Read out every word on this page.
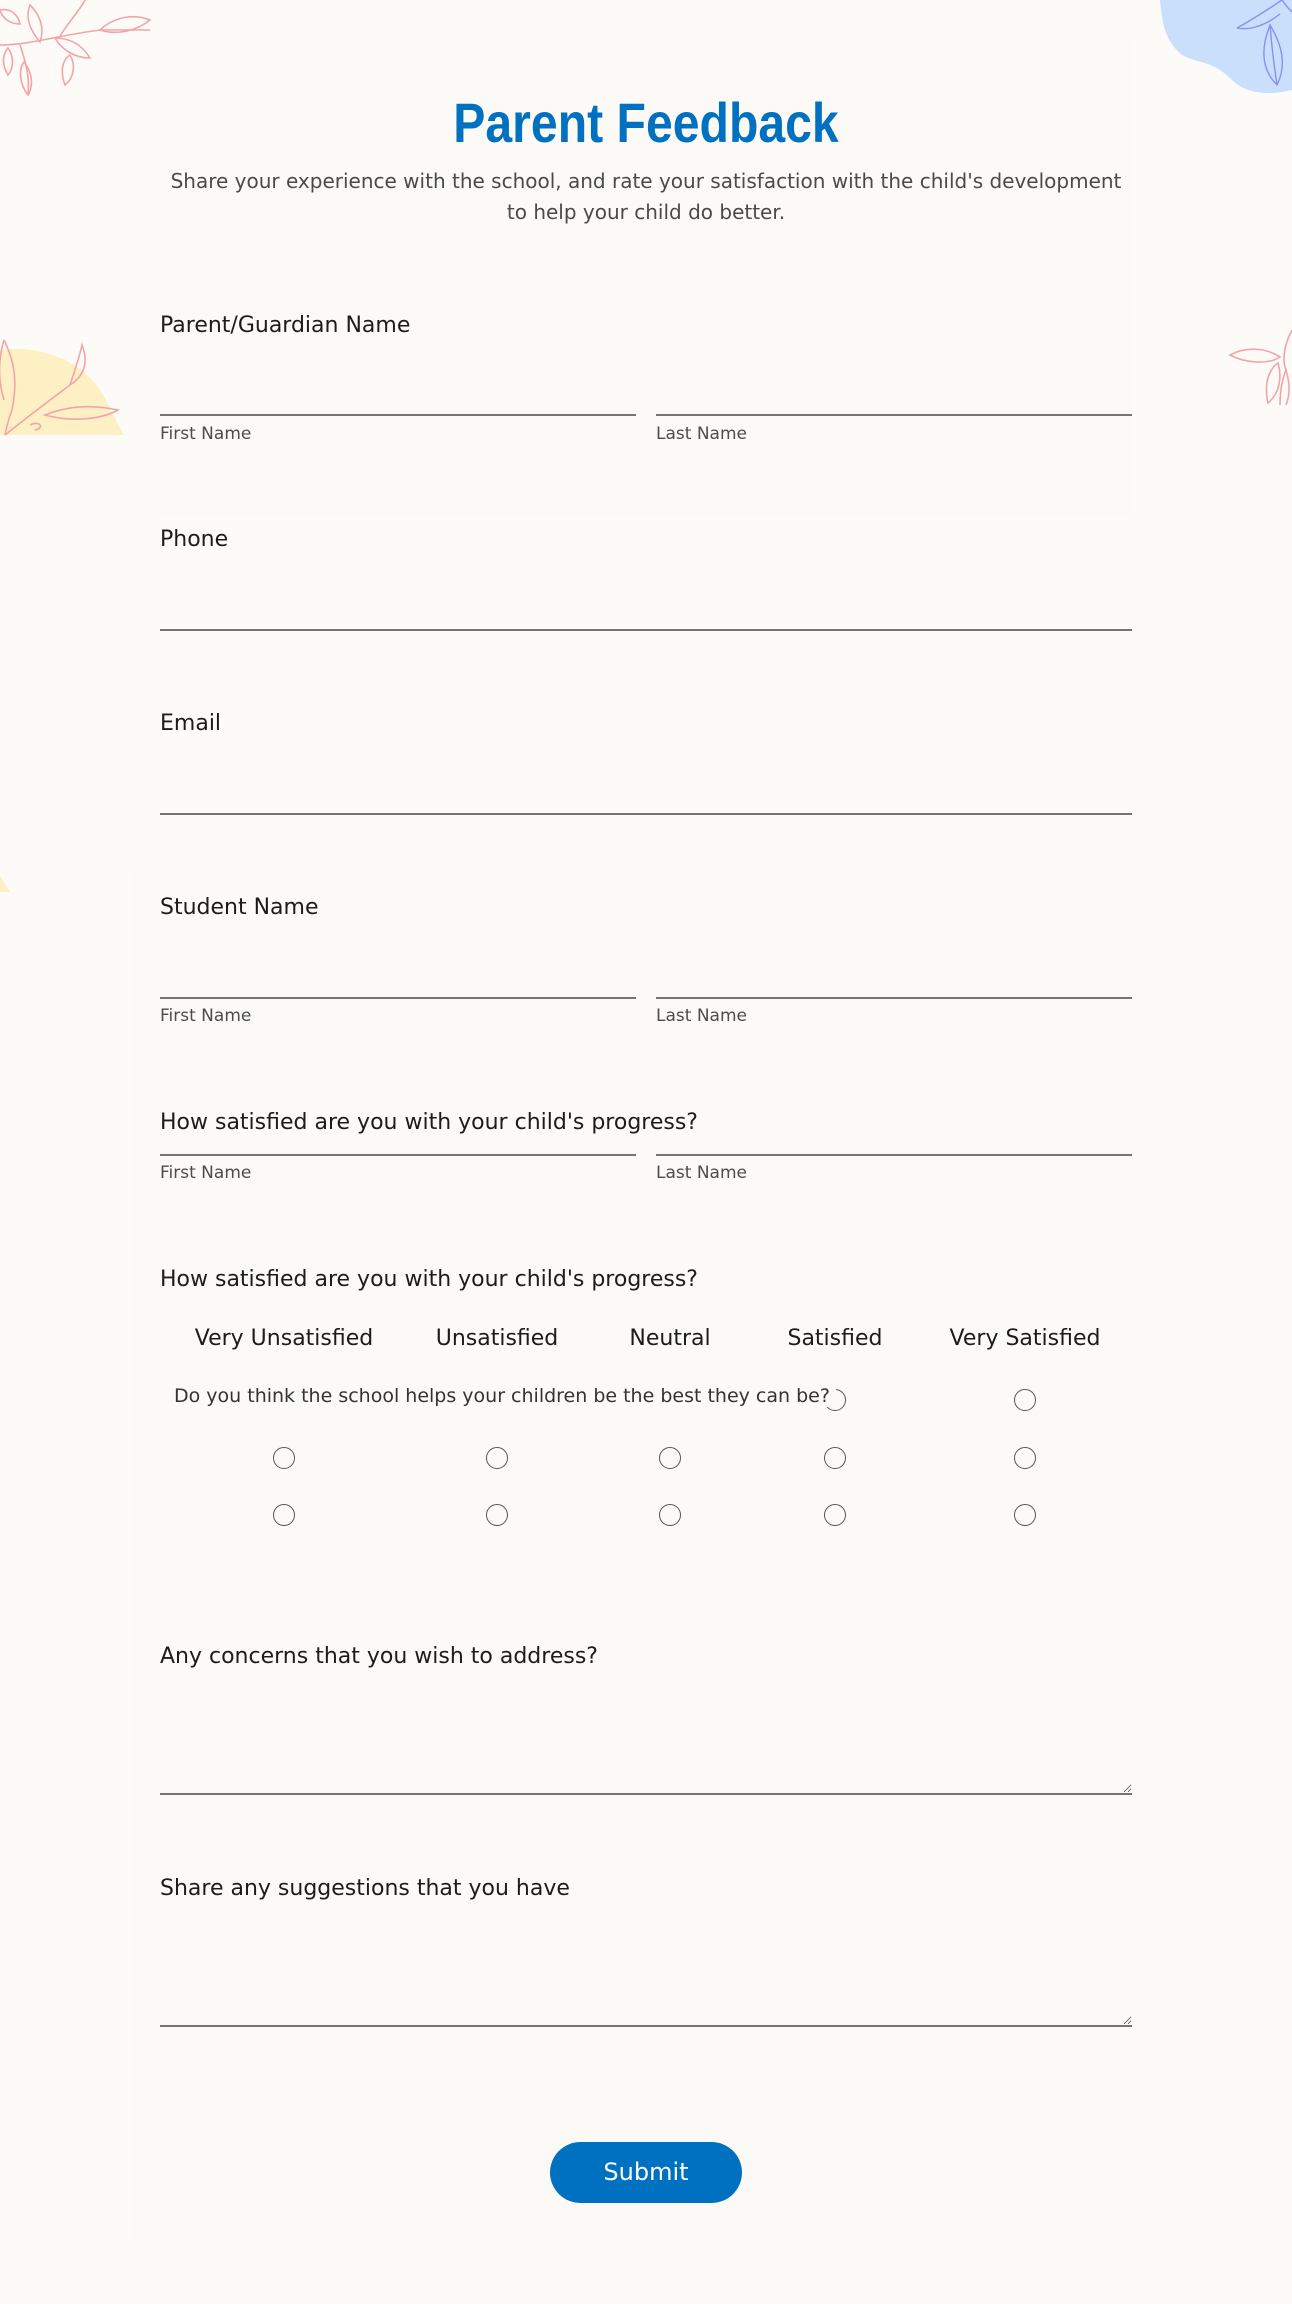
Parent Feedback
Share your experience with the school, and rate your satisfaction with the child's development to help your child do better.
Parent/Guardian Name
First Name	Last Name
Phone
Email
Student Name
First Name	Last Name
How satisfied are you with your child's progress?
First Name	Last Name
How satisfied are you with your child's progress?
Very Unsatisfied	Unsatisfied	Neutral	Satisfied	Very Satisfied
Do you think the school helps your children be the best they can be?
Any concerns that you wish to address?
Share any suggestions that you have
Submit
